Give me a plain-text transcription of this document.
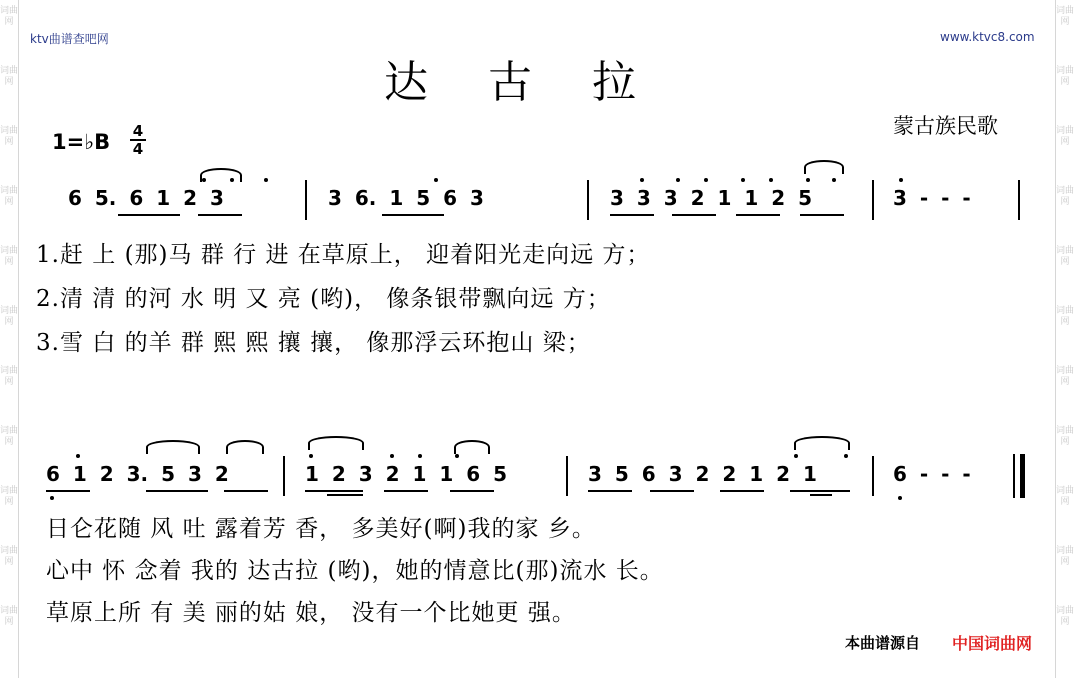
词曲网
词曲网
词曲网
词曲网
词曲网
词曲网
词曲网
词曲网
词曲网
词曲网
词曲网
词曲网
词曲网
词曲网
词曲网
词曲网
词曲网
词曲网
词曲网
词曲网
词曲网
词曲网
ktv曲谱查吧网	www.ktvc8.com
达古拉
蒙古族民歌
1=♭B 4
4
6 5. 6 1 2 3	3 6. 1 5 6 3	3 3 3 2 1 1 2 5	3 - - -
1.赶 上 (那)马 群 行 进 在草原上， 迎着阳光走向远 方；
2.清 清 的河 水 明 又 亮 (哟)， 像条银带飘向远 方；
3.雪 白 的羊 群 熙 熙 攘 攘， 像那浮云环抱山 梁；
6 1 2 3. 5 3 2	1 2 3 2 1 1 6 5	3 5 6 3 2 2 1 2 1	6 - - -
日仑花随 风 吐 露着芳 香， 多美好(啊)我的家 乡。
心中 怀 念着 我的 达古拉 (哟)，她的情意比(那)流水 长。
草原上所 有 美 丽的姑 娘， 没有一个比她更 强。
本曲谱源自 中国词曲网
